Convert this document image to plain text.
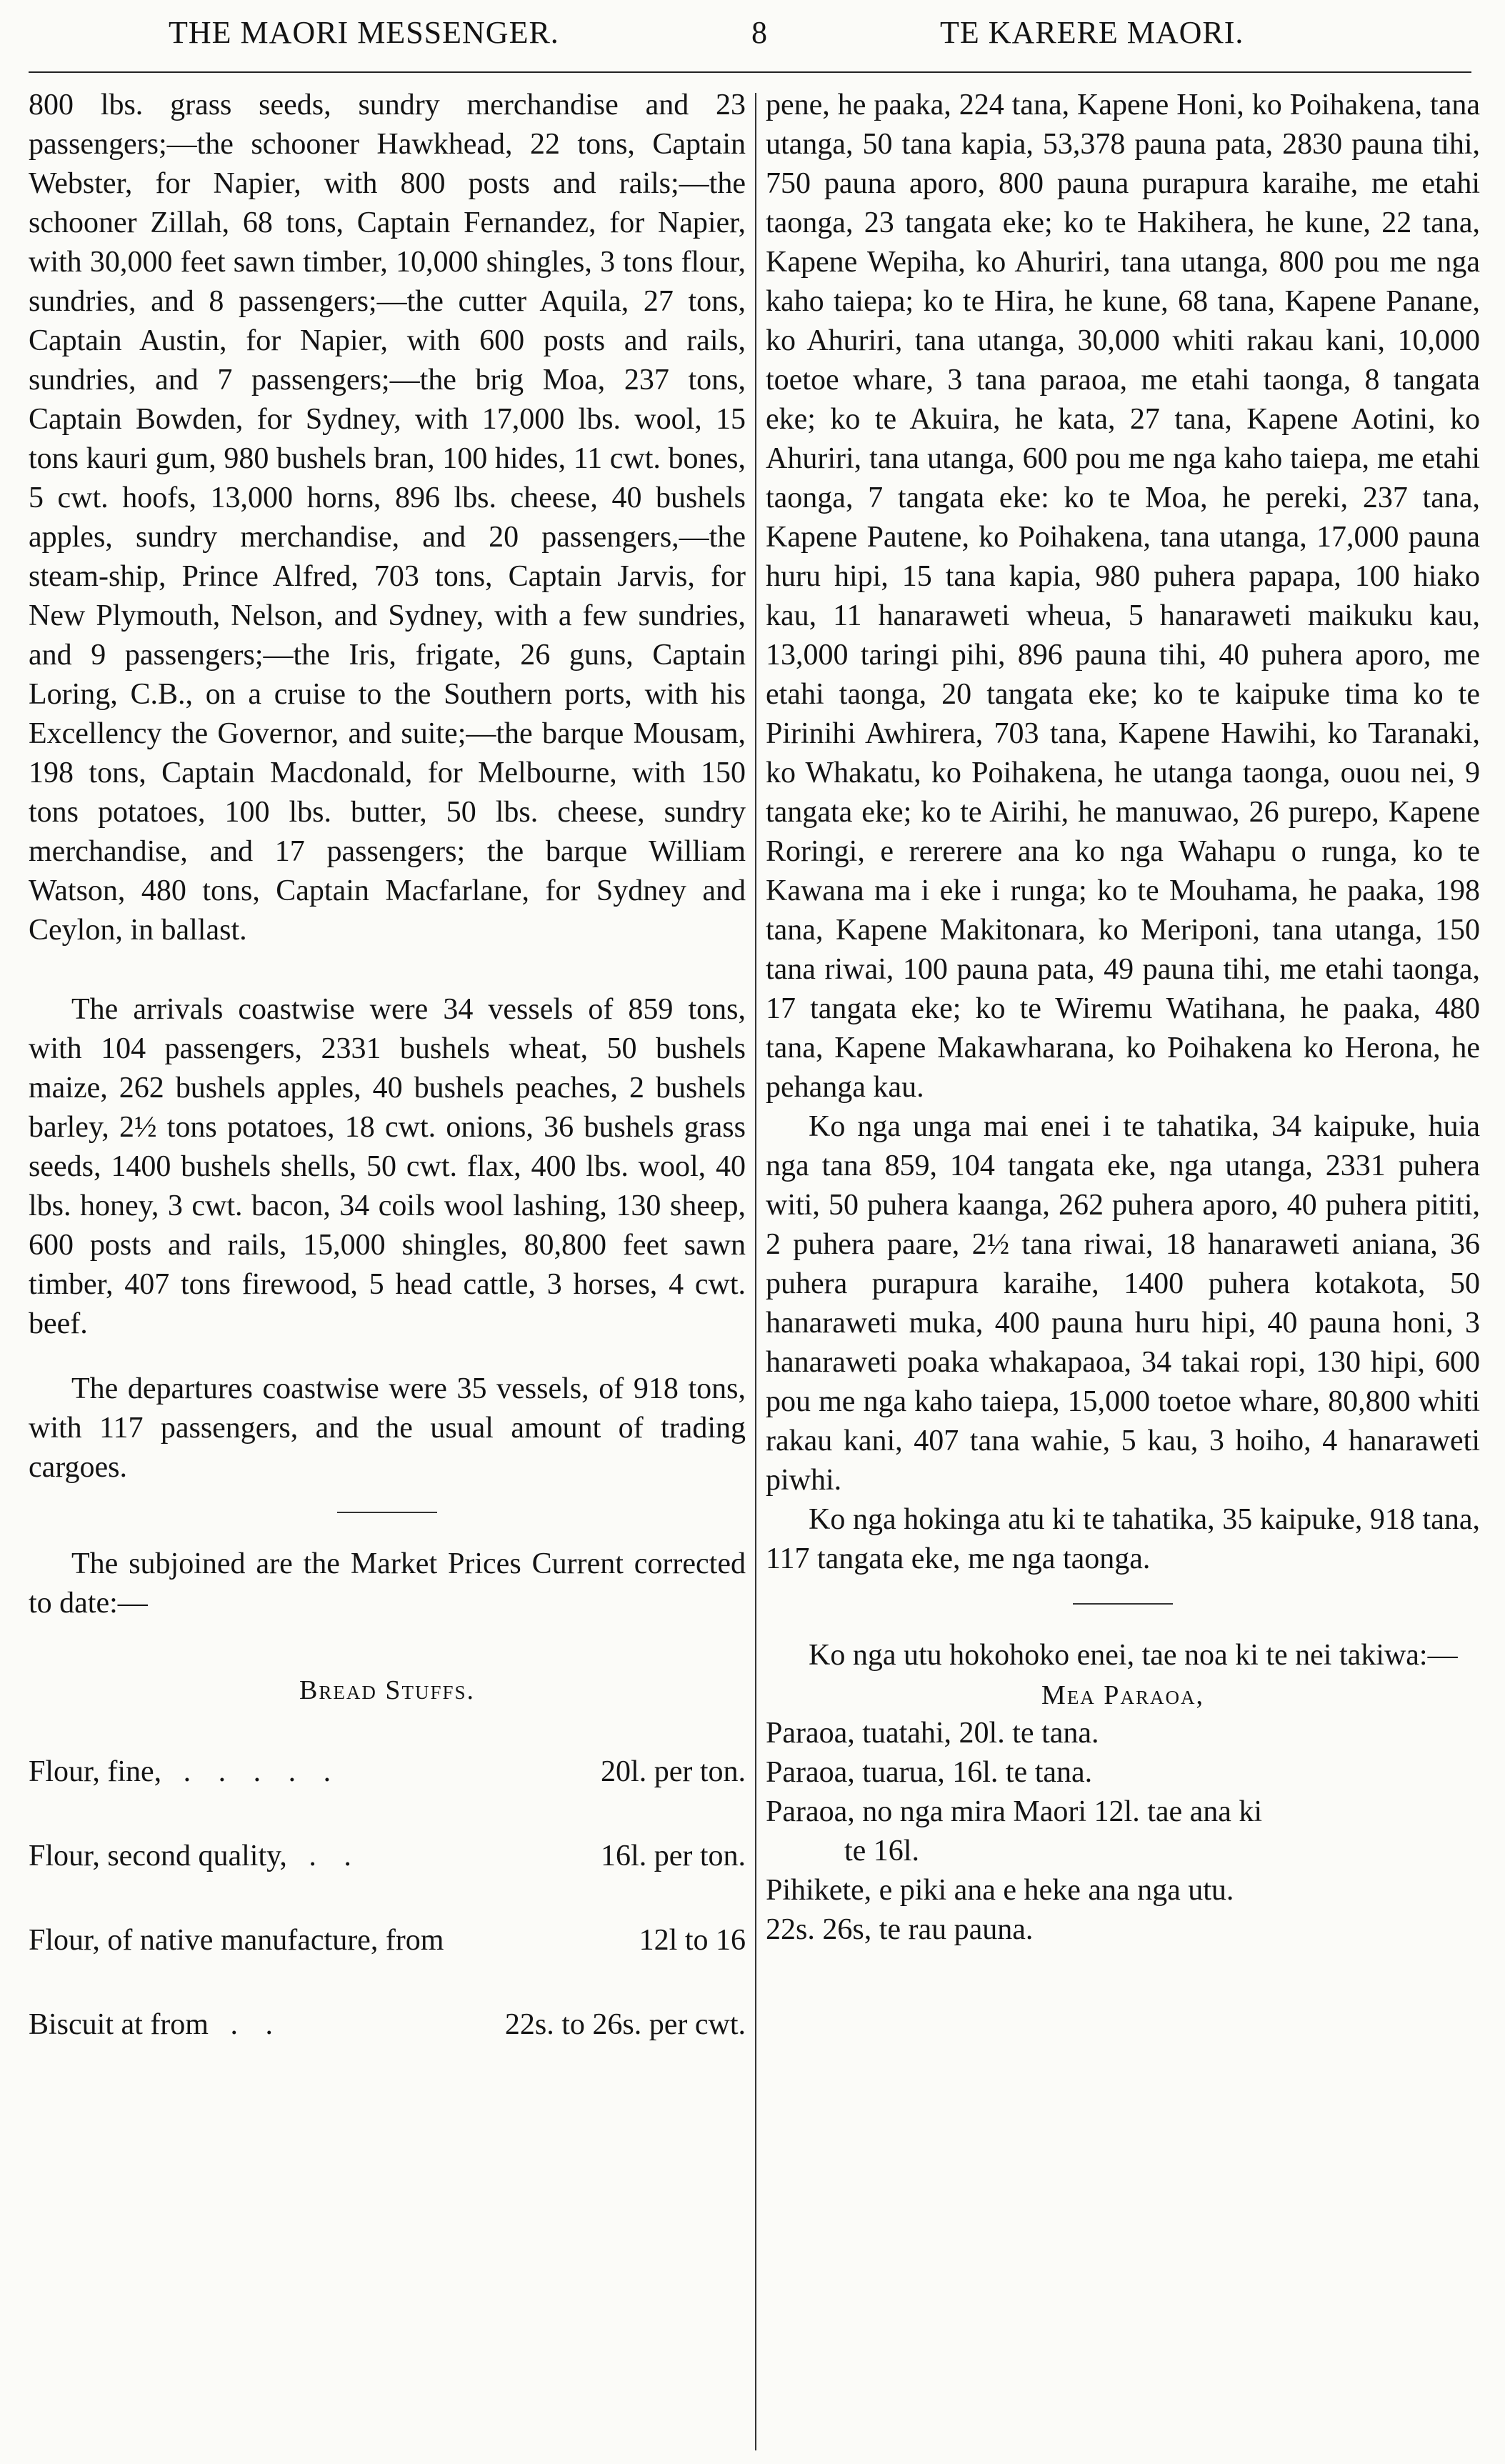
THE MAORI MESSENGER.	8	TE KARERE MAORI.

800 lbs. grass seeds, sundry merchandise and 23 passengers;—the schooner Hawkhead, 22 tons, Captain Webster, for Napier, with 800 posts and rails;—the schooner Zillah, 68 tons, Captain Fernandez, for Napier, with 30,000 feet sawn timber, 10,000 shingles, 3 tons flour, sundries, and 8 passengers;—the cutter Aquila, 27 tons, Captain Austin, for Napier, with 600 posts and rails, sundries, and 7 passengers;—the brig Moa, 237 tons, Captain Bowden, for Sydney, with 17,000 lbs. wool, 15 tons kauri gum, 980 bushels bran, 100 hides, 11 cwt. bones, 5 cwt. hoofs, 13,000 horns, 896 lbs. cheese, 40 bushels apples, sundry merchandise, and 20 passengers,—the steam-ship, Prince Alfred, 703 tons, Captain Jarvis, for New Plymouth, Nelson, and Sydney, with a few sundries, and 9 passengers;—the Iris, frigate, 26 guns, Captain Loring, C.B., on a cruise to the Southern ports, with his Excellency the Governor, and suite;—the barque Mousam, 198 tons, Captain Macdonald, for Melbourne, with 150 tons potatoes, 100 lbs. butter, 50 lbs. cheese, sundry merchandise, and 17 passengers; the barque William Watson, 480 tons, Captain Macfarlane, for Sydney and Ceylon, in ballast.

The arrivals coastwise were 34 vessels of 859 tons, with 104 passengers, 2331 bushels wheat, 50 bushels maize, 262 bushels apples, 40 bushels peaches, 2 bushels barley, 2½ tons potatoes, 18 cwt. onions, 36 bushels grass seeds, 1400 bushels shells, 50 cwt. flax, 400 lbs. wool, 40 lbs. honey, 3 cwt. bacon, 34 coils wool lashing, 130 sheep, 600 posts and rails, 15,000 shingles, 80,800 feet sawn timber, 407 tons firewood, 5 head cattle, 3 horses, 4 cwt. beef.

The departures coastwise were 35 vessels, of 918 tons, with 117 passengers, and the usual amount of trading cargoes.

The subjoined are the Market Prices Current corrected to date:—

Bread Stuffs.
Flour, fine, . . . . .	20l. per ton.
Flour, second quality, . .	16l. per ton.
Flour, of native manufacture, from	12l to 16
Biscuit at from . .	22s. to 26s. per cwt.

pene, he paaka, 224 tana, Kapene Honi, ko Poihakena, tana utanga, 50 tana kapia, 53,378 pauna pata, 2830 pauna tihi, 750 pauna aporo, 800 pauna purapura karaihe, me etahi taonga, 23 tangata eke; ko te Hakihera, he kune, 22 tana, Kapene Wepiha, ko Ahuriri, tana utanga, 800 pou me nga kaho taiepa; ko te Hira, he kune, 68 tana, Kapene Panane, ko Ahuriri, tana utanga, 30,000 whiti rakau kani, 10,000 toetoe whare, 3 tana paraoa, me etahi taonga, 8 tangata eke; ko te Akuira, he kata, 27 tana, Kapene Aotini, ko Ahuriri, tana utanga, 600 pou me nga kaho taiepa, me etahi taonga, 7 tangata eke: ko te Moa, he pereki, 237 tana, Kapene Pautene, ko Poihakena, tana utanga, 17,000 pauna huru hipi, 15 tana kapia, 980 puhera papapa, 100 hiako kau, 11 hanaraweti wheua, 5 hanaraweti maikuku kau, 13,000 taringi pihi, 896 pauna tihi, 40 puhera aporo, me etahi taonga, 20 tangata eke; ko te kaipuke tima ko te Pirinihi Awhirera, 703 tana, Kapene Hawihi, ko Taranaki, ko Whakatu, ko Poihakena, he utanga taonga, ouou nei, 9 tangata eke; ko te Airihi, he manuwao, 26 purepo, Kapene Roringi, e rererere ana ko nga Wahapu o runga, ko te Kawana ma i eke i runga; ko te Mouhama, he paaka, 198 tana, Kapene Makitonara, ko Meriponi, tana utanga, 150 tana riwai, 100 pauna pata, 49 pauna tihi, me etahi taonga, 17 tangata eke; ko te Wiremu Watihana, he paaka, 480 tana, Kapene Makawharana, ko Poihakena ko Herona, he pehanga kau.

Ko nga unga mai enei i te tahatika, 34 kaipuke, huia nga tana 859, 104 tangata eke, nga utanga, 2331 puhera witi, 50 puhera kaanga, 262 puhera aporo, 40 puhera pititi, 2 puhera paare, 2½ tana riwai, 18 hanaraweti aniana, 36 puhera purapura karaihe, 1400 puhera kotakota, 50 hanaraweti muka, 400 pauna huru hipi, 40 pauna honi, 3 hanaraweti poaka whakapaoa, 34 takai ropi, 130 hipi, 600 pou me nga kaho taiepa, 15,000 toetoe whare, 80,800 whiti rakau kani, 407 tana wahie, 5 kau, 3 hoiho, 4 hanaraweti piwhi.

Ko nga hokinga atu ki te tahatika, 35 kaipuke, 918 tana, 117 tangata eke, me nga taonga.

Ko nga utu hokohoko enei, tae noa ki te nei takiwa:—

Mea Paraoa,

Paraoa, tuatahi, 20l. te tana.

Paraoa, tuarua, 16l. te tana.

Paraoa, no nga mira Maori 12l. tae ana ki

te 16l.

Pihikete, e piki ana e heke ana nga utu.

22s. 26s, te rau pauna.
